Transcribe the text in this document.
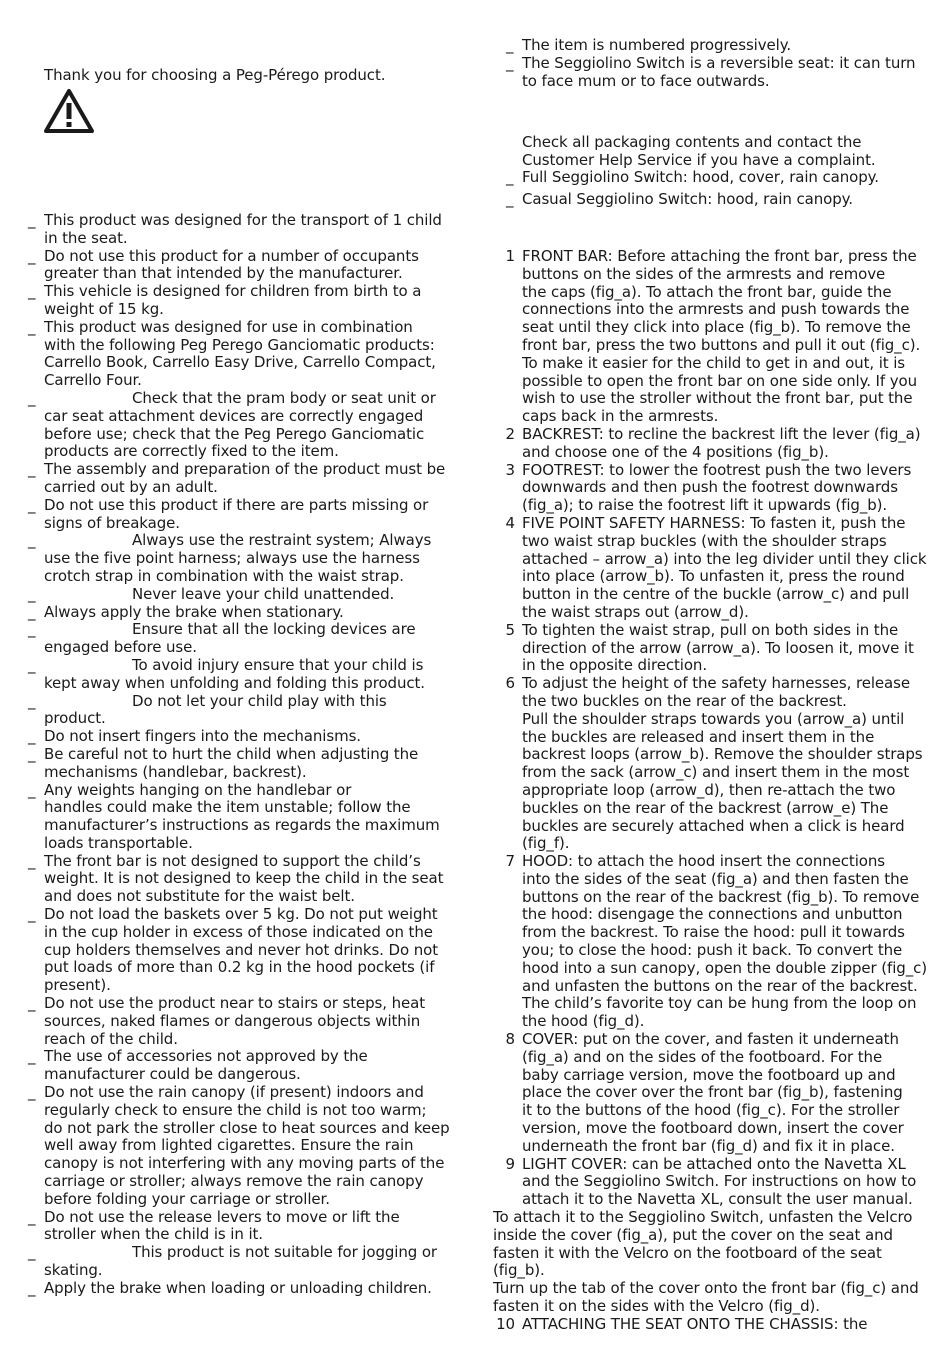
Thank you for choosing a Peg-Pérego product.
_ This product was designed for the transport of 1 child
in the seat.
_ Do not use this product for a number of occupants
greater than that intended by the manufacturer.
_ This vehicle is designed for children from birth to a
weight of 15 kg.
_ This product was designed for use in combination
with the following Peg Perego Ganciomatic products:
Carrello Book, Carrello Easy Drive, Carrello Compact,
Carrello Four.
_	Check that the pram body or seat unit or
car seat attachment devices are correctly engaged
before use; check that the Peg Perego Ganciomatic
products are correctly fixed to the item.
_ The assembly and preparation of the product must be
carried out by an adult.
_ Do not use this product if there are parts missing or
signs of breakage.
_	Always use the restraint system; Always
use the five point harness; always use the harness
crotch strap in combination with the waist strap.
_	Never leave your child unattended.
_ Always apply the brake when stationary.
_	Ensure that all the locking devices are
engaged before use.
_	To avoid injury ensure that your child is
kept away when unfolding and folding this product.
_	Do not let your child play with this
product.
_ Do not insert fingers into the mechanisms.
_ Be careful not to hurt the child when adjusting the
mechanisms (handlebar, backrest).
_ Any weights hanging on the handlebar or
handles could make the item unstable; follow the
manufacturer’s instructions as regards the maximum
loads transportable.
_ The front bar is not designed to support the child’s
weight. It is not designed to keep the child in the seat
and does not substitute for the waist belt.
_ Do not load the baskets over 5 kg. Do not put weight
in the cup holder in excess of those indicated on the
cup holders themselves and never hot drinks. Do not
put loads of more than 0.2 kg in the hood pockets (if
present).
_ Do not use the product near to stairs or steps, heat
sources, naked flames or dangerous objects within
reach of the child.
_ The use of accessories not approved by the
manufacturer could be dangerous.
_ Do not use the rain canopy (if present) indoors and
regularly check to ensure the child is not too warm;
do not park the stroller close to heat sources and keep
well away from lighted cigarettes. Ensure the rain
canopy is not interfering with any moving parts of the
carriage or stroller; always remove the rain canopy
before folding your carriage or stroller.
_ Do not use the release levers to move or lift the
stroller when the child is in it.
_	This product is not suitable for jogging or
skating.
_ Apply the brake when loading or unloading children.
_ The item is numbered progressively.
_ The Seggiolino Switch is a reversible seat: it can turn
to face mum or to face outwards.
Check all packaging contents and contact the
Customer Help Service if you have a complaint.
_ Full Seggiolino Switch: hood, cover, rain canopy.
_ Casual Seggiolino Switch: hood, rain canopy.
1 FRONT BAR: Before attaching the front bar, press the
buttons on the sides of the armrests and remove
the caps (fig_a). To attach the front bar, guide the
connections into the armrests and push towards the
seat until they click into place (fig_b). To remove the
front bar, press the two buttons and pull it out (fig_c).
To make it easier for the child to get in and out, it is
possible to open the front bar on one side only. If you
wish to use the stroller without the front bar, put the
caps back in the armrests.
2 BACKREST: to recline the backrest lift the lever (fig_a)
and choose one of the 4 positions (fig_b).
3 FOOTREST: to lower the footrest push the two levers
downwards and then push the footrest downwards
(fig_a); to raise the footrest lift it upwards (fig_b).
4 FIVE POINT SAFETY HARNESS: To fasten it, push the
two waist strap buckles (with the shoulder straps
attached – arrow_a) into the leg divider until they click
into place (arrow_b). To unfasten it, press the round
button in the centre of the buckle (arrow_c) and pull
the waist straps out (arrow_d).
5 To tighten the waist strap, pull on both sides in the
direction of the arrow (arrow_a). To loosen it, move it
in the opposite direction.
6 To adjust the height of the safety harnesses, release
the two buckles on the rear of the backrest.
Pull the shoulder straps towards you (arrow_a) until
the buckles are released and insert them in the
backrest loops (arrow_b). Remove the shoulder straps
from the sack (arrow_c) and insert them in the most
appropriate loop (arrow_d), then re-attach the two
buckles on the rear of the backrest (arrow_e) The
buckles are securely attached when a click is heard
(fig_f).
7 HOOD: to attach the hood insert the connections
into the sides of the seat (fig_a) and then fasten the
buttons on the rear of the backrest (fig_b). To remove
the hood: disengage the connections and unbutton
from the backrest. To raise the hood: pull it towards
you; to close the hood: push it back. To convert the
hood into a sun canopy, open the double zipper (fig_c)
and unfasten the buttons on the rear of the backrest.
The child’s favorite toy can be hung from the loop on
the hood (fig_d).
8 COVER: put on the cover, and fasten it underneath
(fig_a) and on the sides of the footboard. For the
baby carriage version, move the footboard up and
place the cover over the front bar (fig_b), fastening
it to the buttons of the hood (fig_c). For the stroller
version, move the footboard down, insert the cover
underneath the front bar (fig_d) and fix it in place.
9 LIGHT COVER: can be attached onto the Navetta XL
and the Seggiolino Switch. For instructions on how to
attach it to the Navetta XL, consult the user manual.
To attach it to the Seggiolino Switch, unfasten the Velcro
inside the cover (fig_a), put the cover on the seat and
fasten it with the Velcro on the footboard of the seat
(fig_b).
Turn up the tab of the cover onto the front bar (fig_c) and
fasten it on the sides with the Velcro (fig_d).
10 ATTACHING THE SEAT ONTO THE CHASSIS: the
